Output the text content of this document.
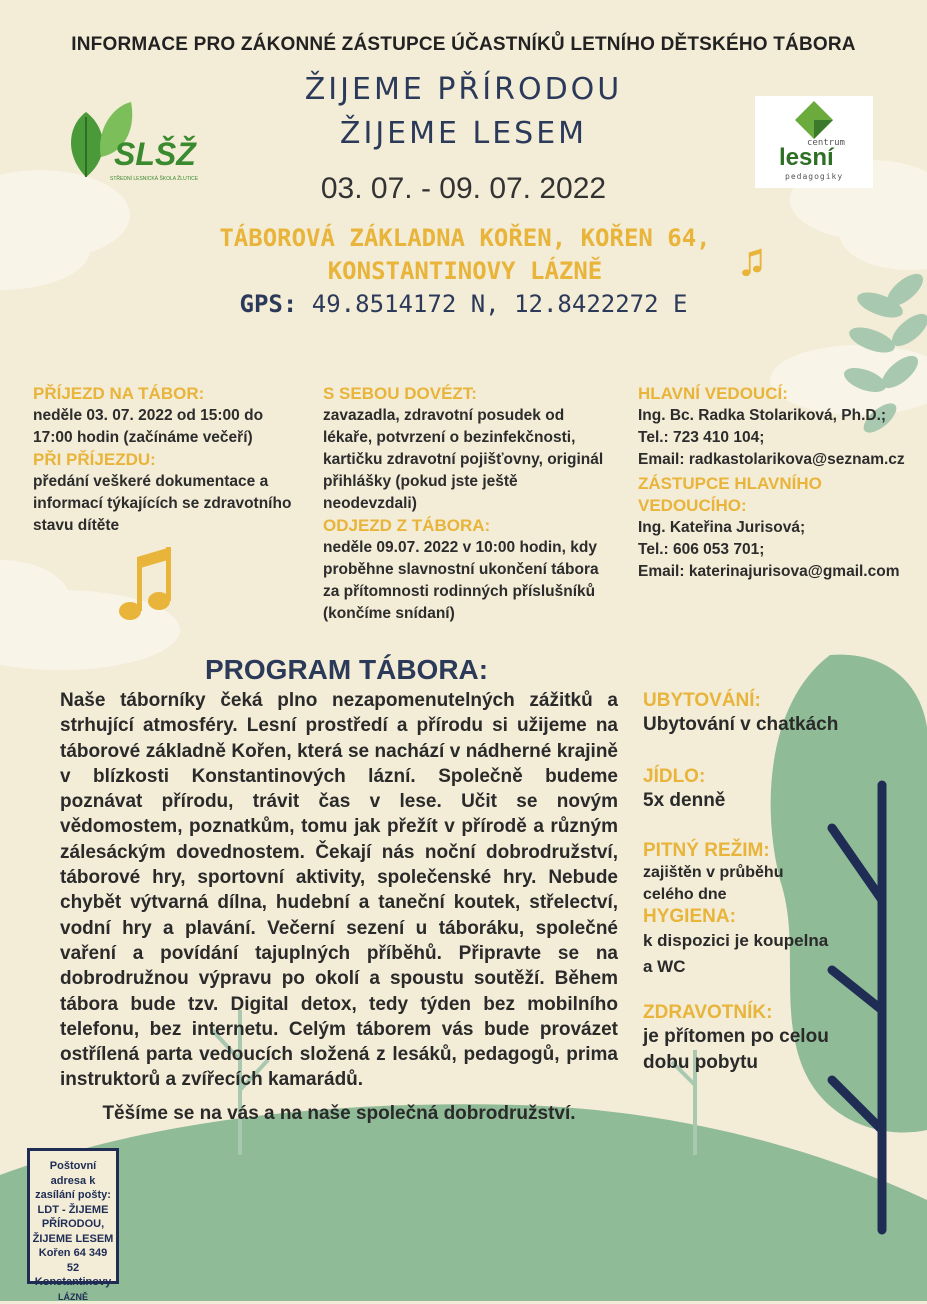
SLŠŽ
STŘEDNÍ LESNICKÁ ŠKOLA ŽLUTICE
centrum
lesní
pedagogiky
INFORMACE PRO ZÁKONNÉ ZÁSTUPCE ÚČASTNÍKŮ LETNÍHO DĚTSKÉHO TÁBORA
ŽIJEME PŘÍRODOU
ŽIJEME LESEM
03. 07. - 09. 07. 2022
TÁBOROVÁ ZÁKLADNA KOŘEN, KOŘEN 64, KONSTANTINOVY LÁZNĚ
GPS: 49.8514172 N, 12.8422272 E
PŘÍJEZD NA TÁBOR:
neděle 03. 07. 2022 od 15:00 do 17:00 hodin (začínáme večeří)
PŘI PŘÍJEZDU:
předání veškeré dokumentace a informací týkajících se zdravotního stavu dítěte
S SEBOU DOVÉZT:
zavazadla, zdravotní posudek od lékaře, potvrzení o bezinfekčnosti, kartičku zdravotní pojišťovny, originál přihlášky (pokud jste ještě neodevzdali)
ODJEZD Z TÁBORA:
neděle 09.07. 2022 v 10:00 hodin, kdy proběhne slavnostní ukončení tábora za přítomnosti rodinných příslušníků (končíme snídaní)
HLAVNÍ VEDOUCÍ:
Ing. Bc. Radka Stolariková, Ph.D.;
Tel.: 723 410 104;
Email: radkastolarikova@seznam.cz
ZÁSTUPCE HLAVNÍHO VEDOUCÍHO:
Ing. Kateřina Jurisová;
Tel.: 606 053 701;
Email: katerinajurisova@gmail.com
PROGRAM TÁBORA:
Naše táborníky čeká plno nezapomenutelných zážitků a strhující atmosféry. Lesní prostředí a přírodu si užijeme na táborové základně Kořen, která se nachází v nádherné krajině v blízkosti Konstantinových lázní. Společně budeme poznávat přírodu, trávit čas v lese. Učit se novým vědomostem, poznatkům, tomu jak přežít v přírodě a různým zálesáckým dovednostem. Čekají nás noční dobrodružství, táborové hry, sportovní aktivity, společenské hry. Nebude chybět výtvarná dílna, hudební a taneční koutek, střelectví, vodní hry a plavání. Večerní sezení u táboráku, společné vaření a povídání tajuplných příběhů. Připravte se na dobrodružnou výpravu po okolí a spoustu soutěží. Během tábora bude tzv. Digital detox, tedy týden bez mobilního telefonu, bez internetu. Celým táborem vás bude provázet ostřílená parta vedoucích složená z lesáků, pedagogů, prima instruktorů a zvířecích kamarádů.
Těšíme se na vás a na naše společná dobrodružství.
UBYTOVÁNÍ:
Ubytování v chatkách
JÍDLO:
5x denně
PITNÝ REŽIM:
zajištěn v průběhu celého dne
HYGIENA:
k dispozici je koupelna a WC
ZDRAVOTNÍK:
je přítomen po celou dobu pobytu
Poštovní adresa k zasílání pošty: LDT - ŽIJEME PŘÍRODOU, ŽIJEME LESEM Kořen 64 349 52 Konstantinovy
LÁZNĚ
